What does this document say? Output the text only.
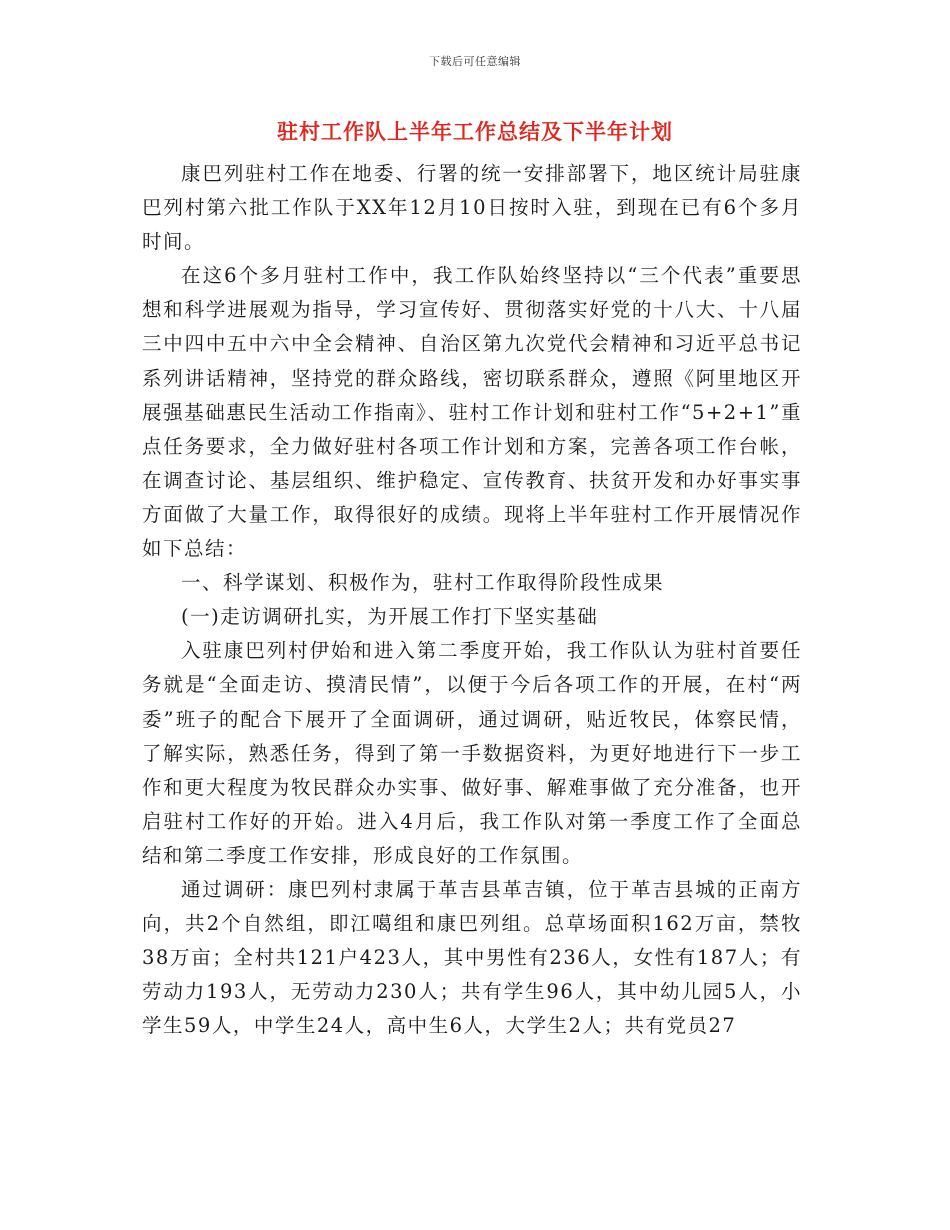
下载后可任意编辑
驻村工作队上半年工作总结及下半年计划

康巴列驻村工作在地委、行署的统一安排部署下，地区统计局驻康巴列村第六批工作队于XX年12月10日按时入驻，到现在已有6个多月时间。

在这6个多月驻村工作中，我工作队始终坚持以“三个代表”重要思想和科学进展观为指导，学习宣传好、贯彻落实好党的十八大、十八届三中四中五中六中全会精神、自治区第九次党代会精神和习近平总书记系列讲话精神，坚持党的群众路线，密切联系群众，遵照《阿里地区开展强基础惠民生活动工作指南》、驻村工作计划和驻村工作“5+2+1”重点任务要求，全力做好驻村各项工作计划和方案，完善各项工作台帐，在调查讨论、基层组织、维护稳定、宣传教育、扶贫开发和办好事实事方面做了大量工作，取得很好的成绩。现将上半年驻村工作开展情况作如下总结：

一、科学谋划、积极作为，驻村工作取得阶段性成果

(一)走访调研扎实，为开展工作打下坚实基础

入驻康巴列村伊始和进入第二季度开始，我工作队认为驻村首要任务就是“全面走访、摸清民情”，以便于今后各项工作的开展，在村“两委”班子的配合下展开了全面调研，通过调研，贴近牧民，体察民情，了解实际，熟悉任务，得到了第一手数据资料，为更好地进行下一步工作和更大程度为牧民群众办实事、做好事、解难事做了充分准备，也开启驻村工作好的开始。进入4月后，我工作队对第一季度工作了全面总结和第二季度工作安排，形成良好的工作氛围。

通过调研：康巴列村隶属于革吉县革吉镇，位于革吉县城的正南方向，共2个自然组，即江噶组和康巴列组。总草场面积162万亩，禁牧38万亩；全村共121户423人，其中男性有236人，女性有187人；有劳动力193人，无劳动力230人；共有学生96人，其中幼儿园5人，小学生59人，中学生24人，高中生6人，大学生2人；共有党员27
